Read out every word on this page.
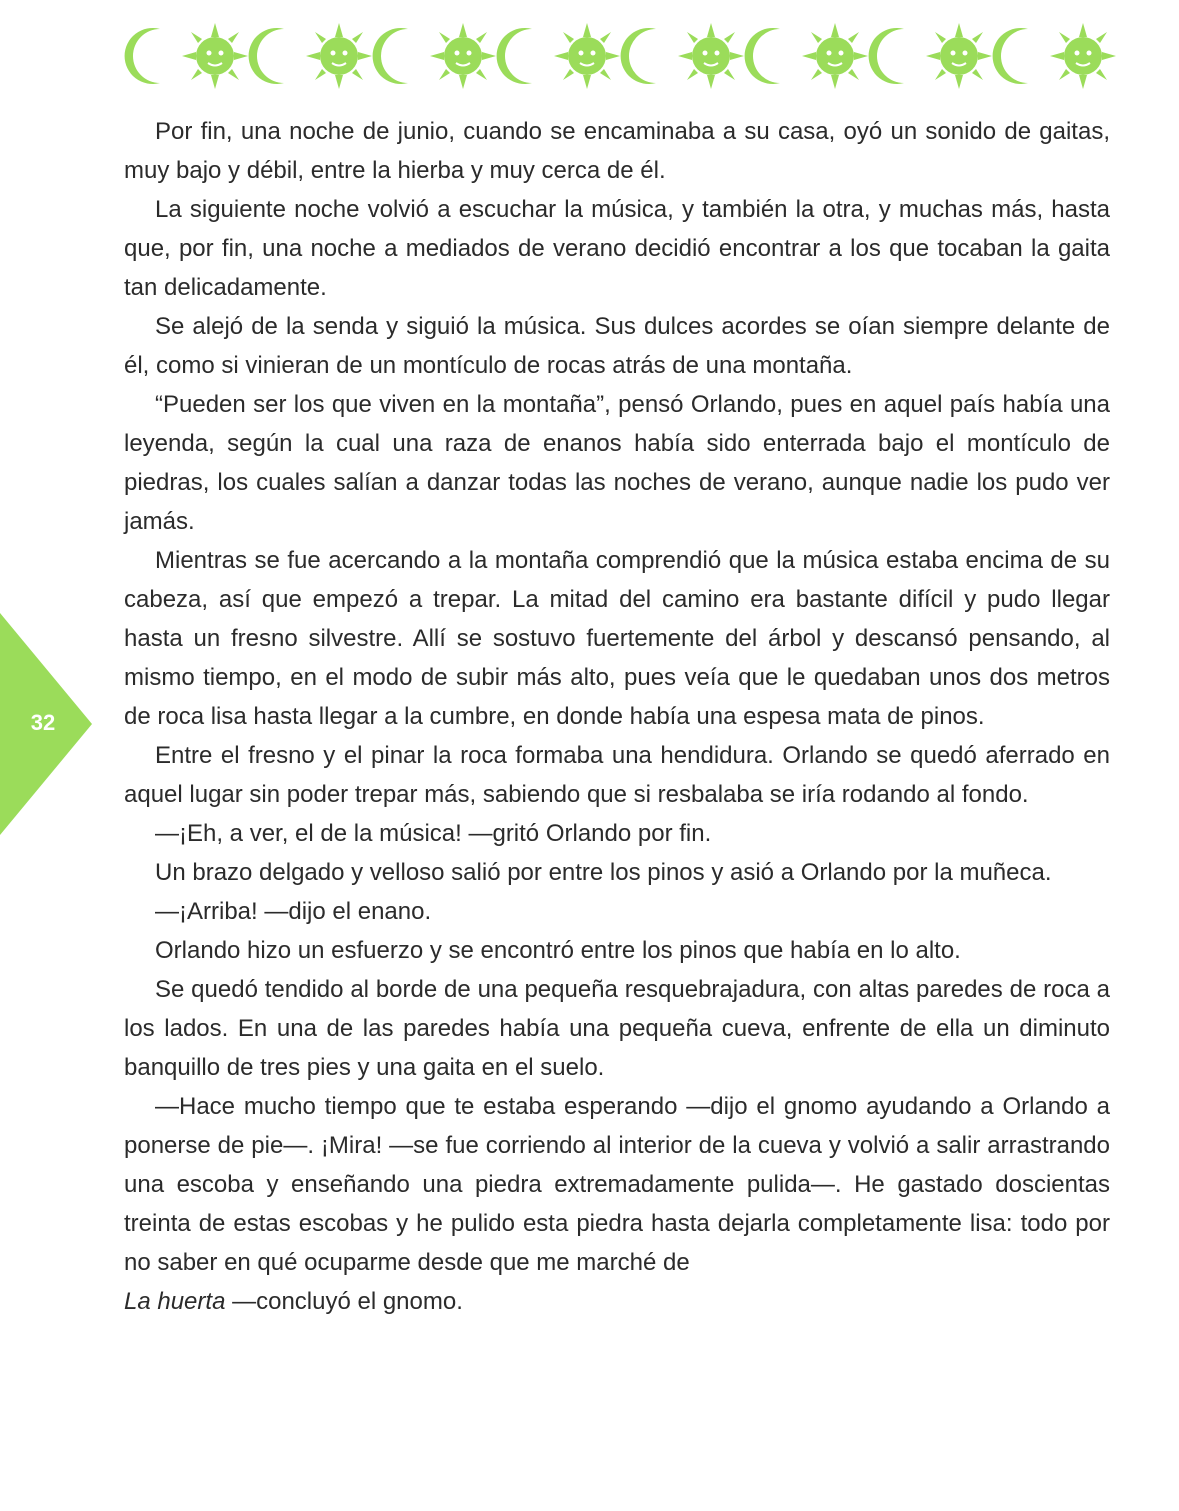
32

Por fin, una noche de junio, cuando se encaminaba a su casa, oyó un sonido de gaitas, muy bajo y débil, entre la hierba y muy cerca de él.

La siguiente noche volvió a escuchar la música, y también la otra, y muchas más, hasta que, por fin, una noche a mediados de verano decidió encontrar a los que tocaban la gaita tan delicadamente.

Se alejó de la senda y siguió la música. Sus dulces acordes se oían siempre delante de él, como si vinieran de un montículo de rocas atrás de una montaña.

“Pueden ser los que viven en la montaña”, pensó Orlando, pues en aquel país había una leyenda, según la cual una raza de enanos había sido enterrada bajo el montículo de piedras, los cuales salían a danzar todas las noches de verano, aunque nadie los pudo ver jamás.

Mientras se fue acercando a la montaña comprendió que la música estaba encima de su cabeza, así que empezó a trepar. La mitad del camino era bastante difícil y pudo llegar hasta un fresno silvestre. Allí se sostuvo fuertemente del árbol y descansó pensando, al mismo tiempo, en el modo de subir más alto, pues veía que le quedaban unos dos metros de roca lisa hasta llegar a la cumbre, en donde había una espesa mata de pinos.

Entre el fresno y el pinar la roca formaba una hendidura. Orlando se quedó aferrado en aquel lugar sin poder trepar más, sabiendo que si resbalaba se iría rodando al fondo.

—¡Eh, a ver, el de la música! —gritó Orlando por fin.

Un brazo delgado y velloso salió por entre los pinos y asió a Orlando por la muñeca.

—¡Arriba! —dijo el enano.

Orlando hizo un esfuerzo y se encontró entre los pinos que había en lo alto.

Se quedó tendido al borde de una pequeña resquebrajadura, con altas paredes de roca a los lados. En una de las paredes había una pequeña cueva, enfrente de ella un diminuto banquillo de tres pies y una gaita en el suelo.

—Hace mucho tiempo que te estaba esperando —dijo el gnomo ayudando a Orlando a ponerse de pie—. ¡Mira! —se fue corriendo al interior de la cueva y volvió a salir arrastrando una escoba y enseñando una piedra extremadamente pulida—. He gastado doscientas treinta de estas escobas y he pulido esta piedra hasta dejarla completamente lisa: todo por no saber en qué ocuparme desde que me marché de

La huerta —concluyó el gnomo.
